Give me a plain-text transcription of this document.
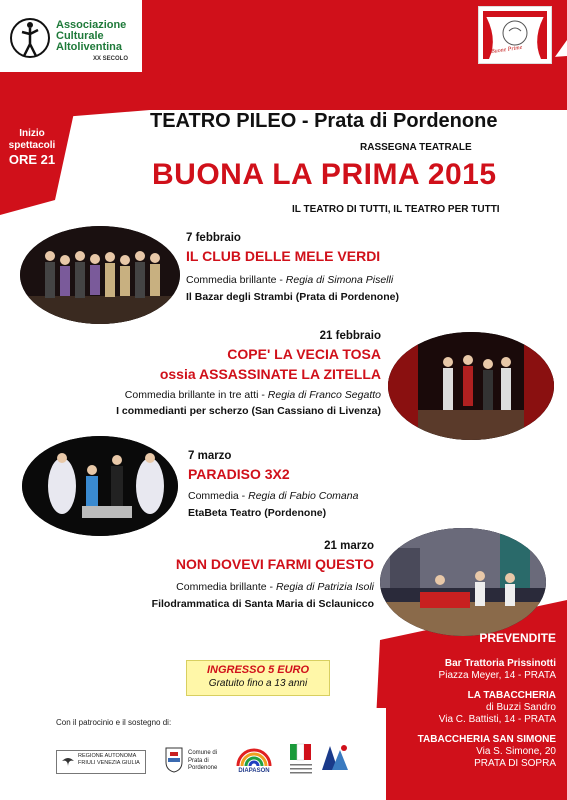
Associazione
Culturale
Altoliventina
XX SECOLO
Buone Prime
Inizio
spettacoli
ORE 21
TEATRO PILEO - Prata di Pordenone
RASSEGNA TEATRALE
BUONA LA PRIMA 2015
IL TEATRO DI TUTTI, IL TEATRO PER TUTTI
7 febbraio
IL CLUB DELLE MELE VERDI
Commedia brillante - Regia di Simona Piselli
Il Bazar degli Strambi (Prata di Pordenone)
21 febbraio
COPE' LA VECIA TOSA
ossia ASSASSINATE LA ZITELLA
Commedia brillante in tre atti - Regia di Franco Segatto
I commedianti per scherzo (San Cassiano di Livenza)
7 marzo
PARADISO 3X2
Commedia - Regia di Fabio Comana
EtaBeta Teatro (Pordenone)
21 marzo
NON DOVEVI FARMI QUESTO
Commedia brillante - Regia di Patrizia Isoli
Filodrammatica di Santa Maria di Sclaunicco
INGRESSO 5 EURO
Gratuito fino a 13 anni
PREVENDITE
Bar Trattoria Prissinotti
Piazza Meyer, 14 - PRATA
LA TABACCHERIA
di Buzzi Sandro
Via C. Battisti, 14 - PRATA
TABACCHERIA SAN SIMONE
Via S. Simone, 20
PRATA DI SOPRA
Con il patrocinio e il sostegno di:
REGIONE AUTONOMA
FRIULI VENEZIA GIULIA
Comune di
Prata di
Pordenone	DIAPASON
